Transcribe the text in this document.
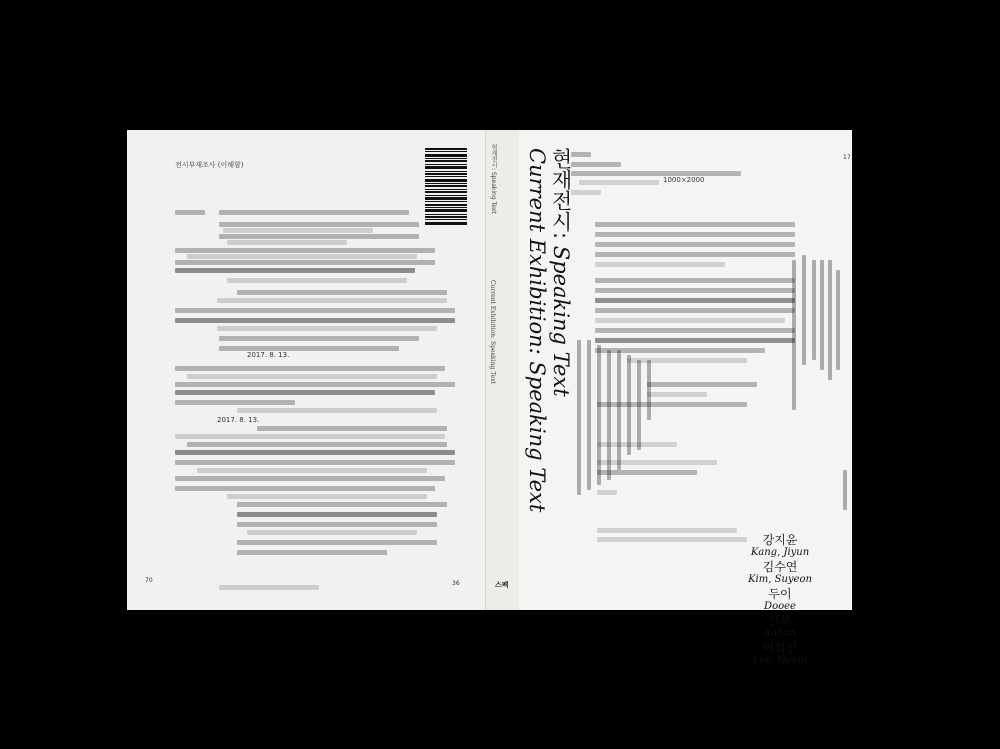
전시부재조사 (이해함)
2017. 8. 13.
2017. 8. 13.
70	36
현재전시: Speaking Text
Current Exhibition: Speaking Text
스펙
현재전시: Speaking Text
Current Exhibition: Speaking Text	17
1000×2000
강지윤
Kang, Jiyun
김수연
Kim, Suyeon
두이
Dooee
안부
Anbuh
이희인
Lee, Heein
